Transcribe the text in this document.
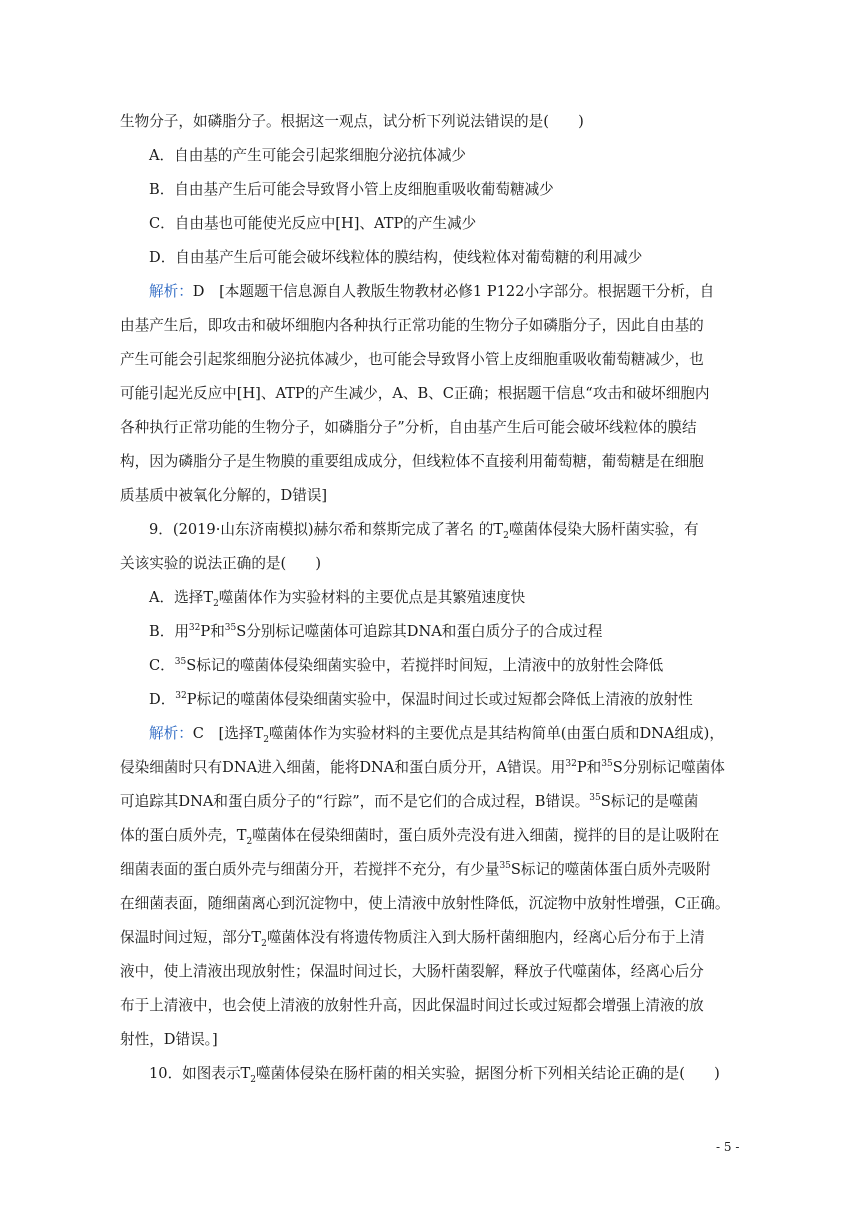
生物分子，如磷脂分子。根据这一观点，试分析下列说法错误的是(　　)
A．自由基的产生可能会引起浆细胞分泌抗体减少
B．自由基产生后可能会导致肾小管上皮细胞重吸收葡萄糖减少
C．自由基也可能使光反应中[H]、ATP的产生减少
D．自由基产生后可能会破坏线粒体的膜结构，使线粒体对葡萄糖的利用减少
解析：D　[本题题干信息源自人教版生物教材必修1 P122小字部分。根据题干分析，自
由基产生后，即攻击和破坏细胞内各种执行正常功能的生物分子如磷脂分子，因此自由基的
产生可能会引起浆细胞分泌抗体减少，也可能会导致肾小管上皮细胞重吸收葡萄糖减少，也
可能引起光反应中[H]、ATP的产生减少，A、B、C正确；根据题干信息“攻击和破坏细胞内
各种执行正常功能的生物分子，如磷脂分子”分析，自由基产生后可能会破坏线粒体的膜结
构，因为磷脂分子是生物膜的重要组成成分，但线粒体不直接利用葡萄糖，葡萄糖是在细胞
质基质中被氧化分解的，D错误]
9．(2019·山东济南模拟)赫尔希和蔡斯完成了著名 的$T_2$噬菌体侵染大肠杆菌实验，有
关该实验的说法正确的是(　　)
A．选择$T_2$噬菌体作为实验材料的主要优点是其繁殖速度快
B．用$^{32}$P和$^{35}$S分别标记噬菌体可追踪其DNA和蛋白质分子的合成过程
C．$^{35}$S标记的噬菌体侵染细菌实验中，若搅拌时间短，上清液中的放射性会降低
D．$^{32}$P标记的噬菌体侵染细菌实验中，保温时间过长或过短都会降低上清液的放射性
解析：C　[选择$T_2$噬菌体作为实验材料的主要优点是其结构简单(由蛋白质和DNA组成)，
侵染细菌时只有DNA进入细菌，能将DNA和蛋白质分开，A错误。用$^{32}$P和$^{35}$S分别标记噬菌体
可追踪其DNA和蛋白质分子的“行踪”，而不是它们的合成过程，B错误。$^{35}$S标记的是噬菌
体的蛋白质外壳，$T_2$噬菌体在侵染细菌时，蛋白质外壳没有进入细菌，搅拌的目的是让吸附在
细菌表面的蛋白质外壳与细菌分开，若搅拌不充分，有少量$^{35}$S标记的噬菌体蛋白质外壳吸附
在细菌表面，随细菌离心到沉淀物中，使上清液中放射性降低，沉淀物中放射性增强，C正确。
保温时间过短，部分$T_2$噬菌体没有将遗传物质注入到大肠杆菌细胞内，经离心后分布于上清
液中，使上清液出现放射性；保温时间过长，大肠杆菌裂解，释放子代噬菌体，经离心后分
布于上清液中，也会使上清液的放射性升高，因此保温时间过长或过短都会增强上清液的放
射性，D错误。]
10．如图表示$T_2$噬菌体侵染在肠杆菌的相关实验，据图分析下列相关结论正确的是(　　)
- 5 -
